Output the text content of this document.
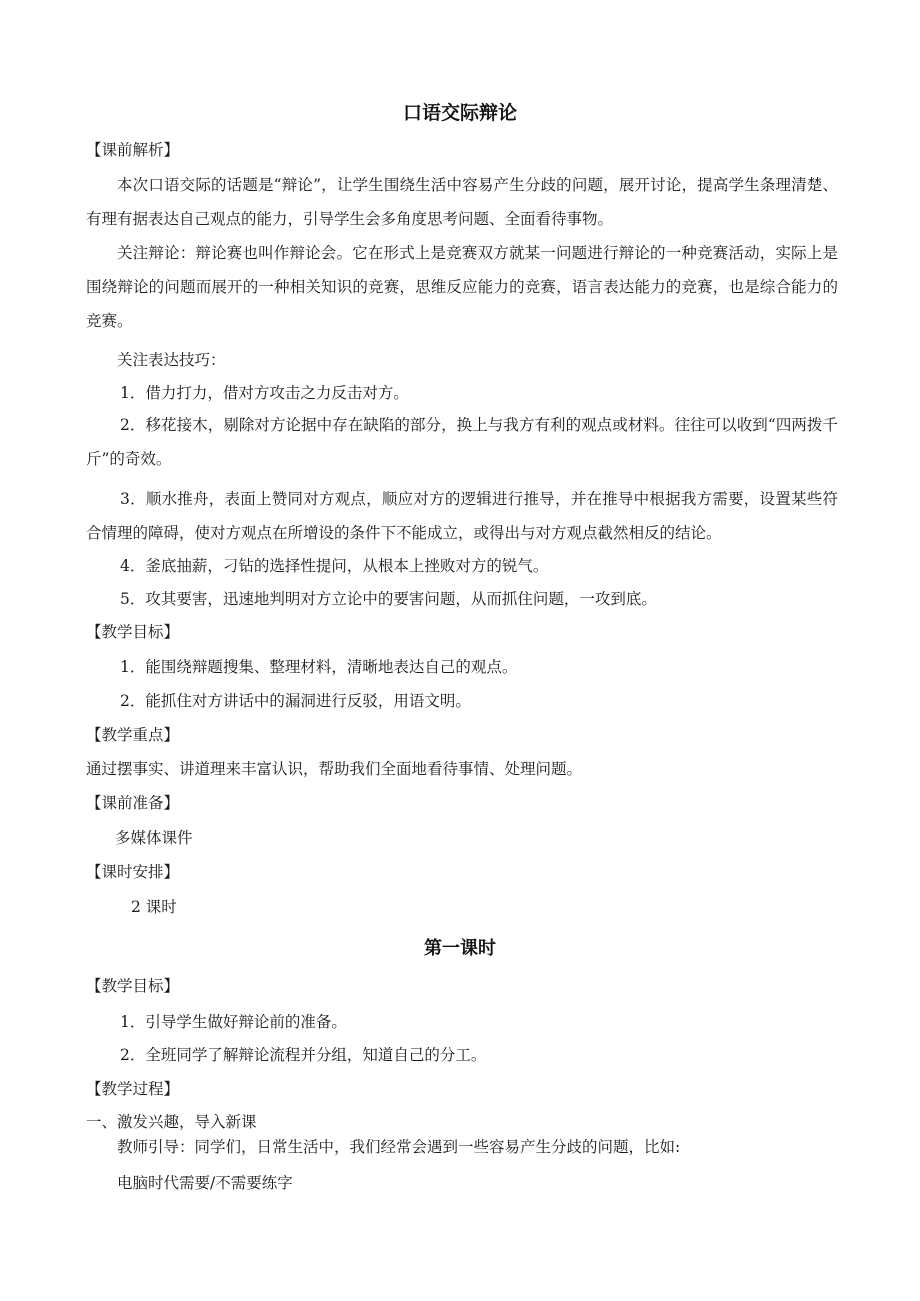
口语交际辩论
【课前解析】
本次口语交际的话题是“辩论”，让学生围绕生活中容易产生分歧的问题，展开讨论，提高学生条理清楚、有理有据表达自己观点的能力，引导学生会多角度思考问题、全面看待事物。
关注辩论：辩论赛也叫作辩论会。它在形式上是竞赛双方就某一问题进行辩论的一种竞赛活动，实际上是围绕辩论的问题而展开的一种相关知识的竞赛，思维反应能力的竞赛，语言表达能力的竞赛，也是综合能力的竞赛。
关注表达技巧：
1．借力打力，借对方攻击之力反击对方。
2．移花接木，剔除对方论据中存在缺陷的部分，换上与我方有利的观点或材料。往往可以收到“四两拨千斤”的奇效。
3．顺水推舟，表面上赞同对方观点，顺应对方的逻辑进行推导，并在推导中根据我方需要，设置某些符合情理的障碍，使对方观点在所增设的条件下不能成立，或得出与对方观点截然相反的结论。
4．釜底抽薪，刁钻的选择性提问，从根本上挫败对方的锐气。
5．攻其要害，迅速地判明对方立论中的要害问题，从而抓住问题，一攻到底。
【教学目标】
1．能围绕辩题搜集、整理材料，清晰地表达自己的观点。
2．能抓住对方讲话中的漏洞进行反驳，用语文明。
【教学重点】
通过摆事实、讲道理来丰富认识，帮助我们全面地看待事情、处理问题。
【课前准备】
多媒体课件
【课时安排】
2 课时
第一课时
【教学目标】
1．引导学生做好辩论前的准备。
2．全班同学了解辩论流程并分组，知道自己的分工。
【教学过程】
一、激发兴趣，导入新课
教师引导：同学们，日常生活中，我们经常会遇到一些容易产生分歧的问题，比如:
电脑时代需要/不需要练字
